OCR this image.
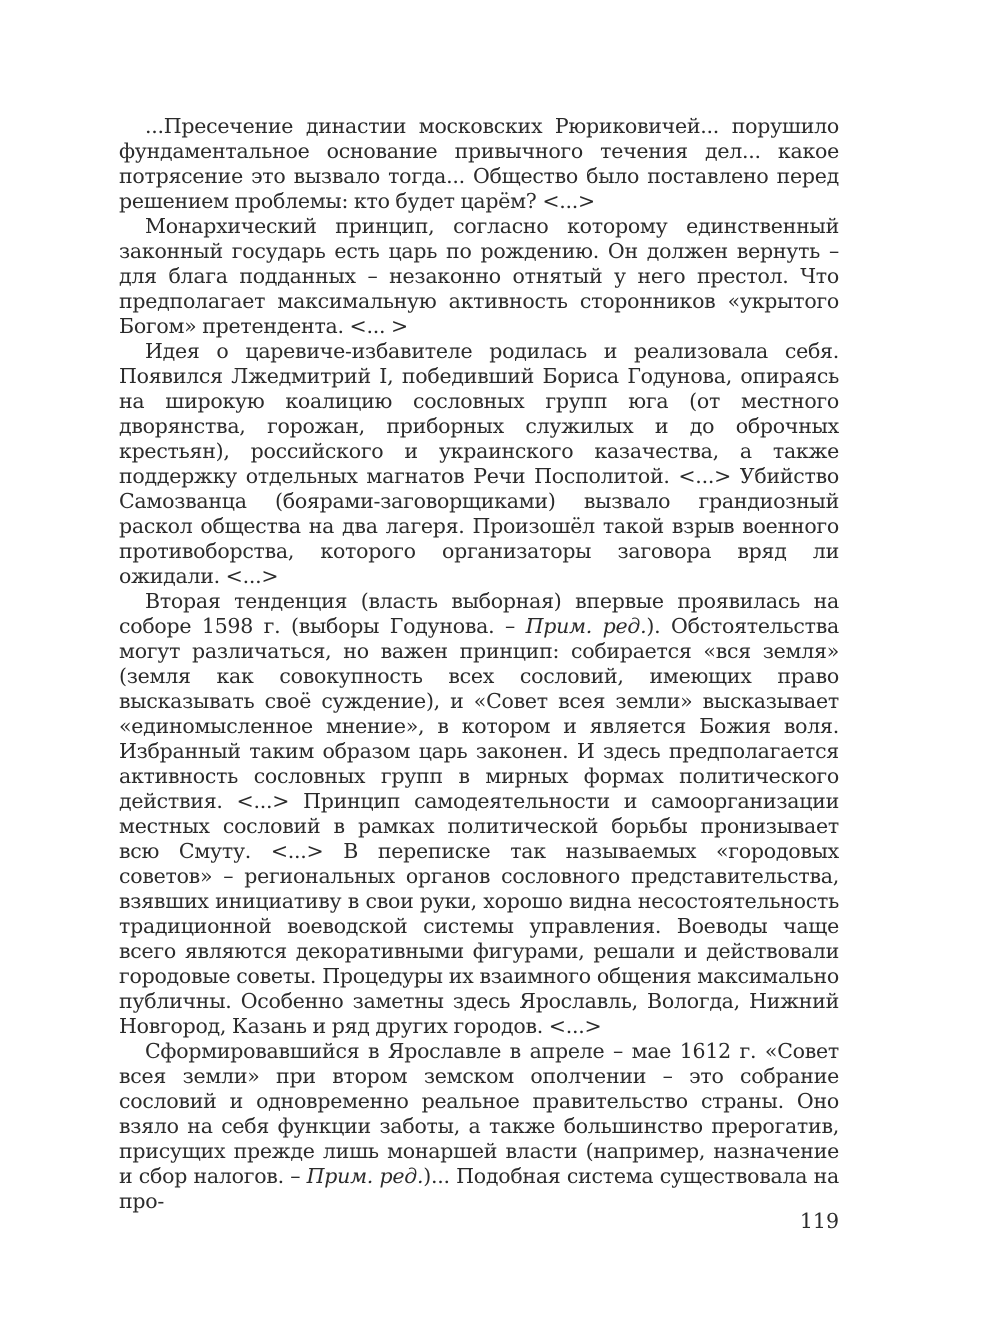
...Пресечение династии московских Рюриковичей... порушило фундаментальное основание привычного течения дел... какое потрясение это вызвало тогда... Общество было поставлено перед решением проблемы: кто будет царём? <...>

Монархический принцип, согласно которому единственный законный государь есть царь по рождению. Он должен вернуть – для блага подданных – незаконно отнятый у него престол. Что предполагает максимальную активность сторонников «укрытого Богом» претендента. <... >

Идея о царевиче-избавителе родилась и реализовала себя. Появился Лжедмитрий I, победивший Бориса Годунова, опираясь на широкую коалицию сословных групп юга (от местного дворянства, горожан, приборных служилых и до оброчных крестьян), российского и украинского казачества, а также поддержку отдельных магнатов Речи Посполитой. <...> Убийство Самозванца (боярами-заговорщиками) вызвало грандиозный раскол общества на два лагеря. Произошёл такой взрыв военного противоборства, которого организаторы заговора вряд ли ожидали. <...>

Вторая тенденция (власть выборная) впервые проявилась на соборе 1598 г. (выборы Годунова. – Прим. ред.). Обстоятельства могут различаться, но важен принцип: собирается «вся земля» (земля как совокупность всех сословий, имеющих право высказывать своё суждение), и «Совет всея земли» высказывает «единомысленное мнение», в котором и является Божия воля. Избранный таким образом царь законен. И здесь предполагается активность сословных групп в мирных формах политического действия. <...> Принцип самодеятельности и самоорганизации местных сословий в рамках политической борьбы пронизывает всю Смуту. <...> В переписке так называемых «городовых советов» – региональных органов сословного представительства, взявших инициативу в свои руки, хорошо видна несостоятельность традиционной воеводской системы управления. Воеводы чаще всего являются декоративными фигурами, решали и действовали городовые советы. Процедуры их взаимного общения максимально публичны. Особенно заметны здесь Ярославль, Вологда, Нижний Новгород, Казань и ряд других городов. <...>

Сформировавшийся в Ярославле в апреле – мае 1612 г. «Совет всея земли» при втором земском ополчении – это собрание сословий и одновременно реальное правительство страны. Оно взяло на себя функции заботы, а также большинство прерогатив, присущих прежде лишь монаршей власти (например, назначение и сбор налогов. – Прим. ред.)... Подобная система существовала на про-

119
